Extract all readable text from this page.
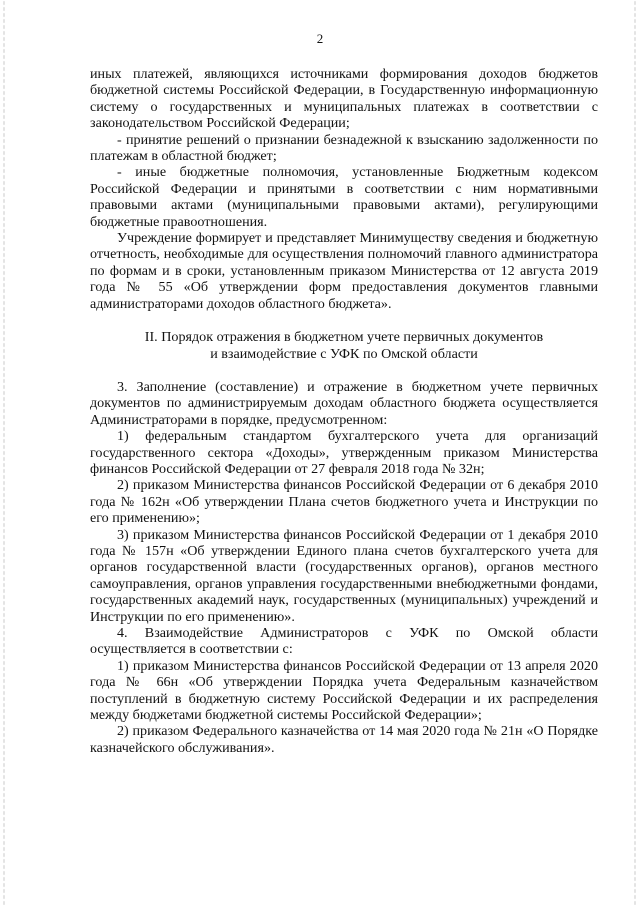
2

иных платежей, являющихся источниками формирования доходов бюджетов бюджетной системы Российской Федерации, в Государственную информационную систему о государственных и муниципальных платежах в соответствии с законодательством Российской Федерации;

- принятие решений о признании безнадежной к взысканию задолженности по платежам в областной бюджет;

- иные бюджетные полномочия, установленные Бюджетным кодексом Российской Федерации и принятыми в соответствии с ним нормативными правовыми актами (муниципальными правовыми актами), регулирующими бюджетные правоотношения.

Учреждение формирует и представляет Минимуществу сведения и бюджетную отчетность, необходимые для осуществления полномочий главного администратора по формам и в сроки, установленным приказом Министерства от 12 августа 2019 года № 55 «Об утверждении форм предоставления документов главными администраторами доходов областного бюджета».

II. Порядок отражения в бюджетном учете первичных документов
и взаимодействие с УФК по Омской области

3. Заполнение (составление) и отражение в бюджетном учете первичных документов по администрируемым доходам областного бюджета осуществляется Администраторами в порядке, предусмотренном:

1) федеральным стандартом бухгалтерского учета для организаций государственного сектора «Доходы», утвержденным приказом Министерства финансов Российской Федерации от 27 февраля 2018 года № 32н;

2) приказом Министерства финансов Российской Федерации от 6 декабря 2010 года № 162н «Об утверждении Плана счетов бюджетного учета и Инструкции по его применению»;

3) приказом Министерства финансов Российской Федерации от 1 декабря 2010 года № 157н «Об утверждении Единого плана счетов бухгалтерского учета для органов государственной власти (государственных органов), органов местного самоуправления, органов управления государственными внебюджетными фондами, государственных академий наук, государственных (муниципальных) учреждений и Инструкции по его применению».

4. Взаимодействие Администраторов с УФК по Омской области осуществляется в соответствии с:

1) приказом Министерства финансов Российской Федерации от 13 апреля 2020 года № 66н «Об утверждении Порядка учета Федеральным казначейством поступлений в бюджетную систему Российской Федерации и их распределения между бюджетами бюджетной системы Российской Федерации»;

2) приказом Федерального казначейства от 14 мая 2020 года № 21н «О Порядке казначейского обслуживания».
